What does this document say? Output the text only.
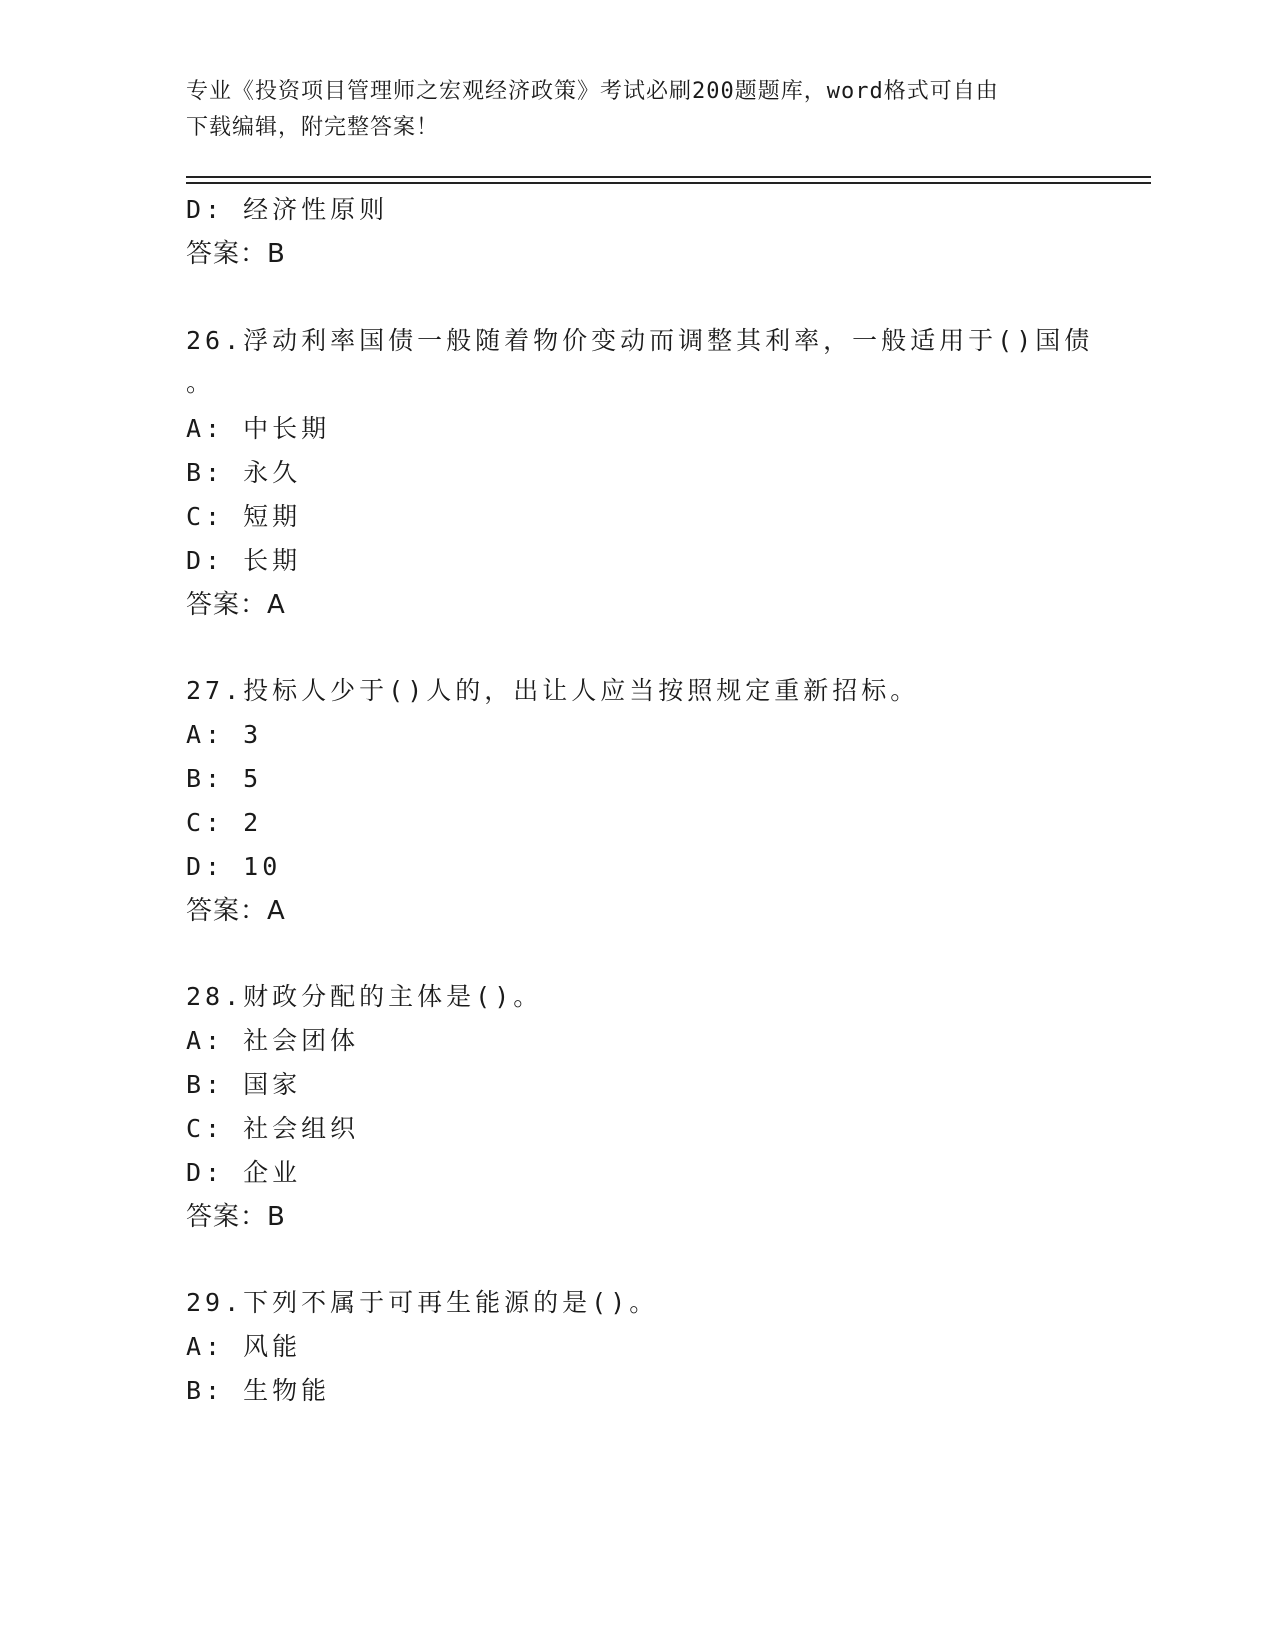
专业《投资项目管理师之宏观经济政策》考试必刷200题题库，word格式可自由
下载编辑，附完整答案！
D: 经济性原则
答案：B
26.浮动利率国债一般随着物价变动而调整其利率，一般适用于()国债
。
A: 中长期
B: 永久
C: 短期
D: 长期
答案：A
27.投标人少于()人的，出让人应当按照规定重新招标。
A: 3
B: 5
C: 2
D: 10
答案：A
28.财政分配的主体是()。
A: 社会团体
B: 国家
C: 社会组织
D: 企业
答案：B
29.下列不属于可再生能源的是()。
A: 风能
B: 生物能
